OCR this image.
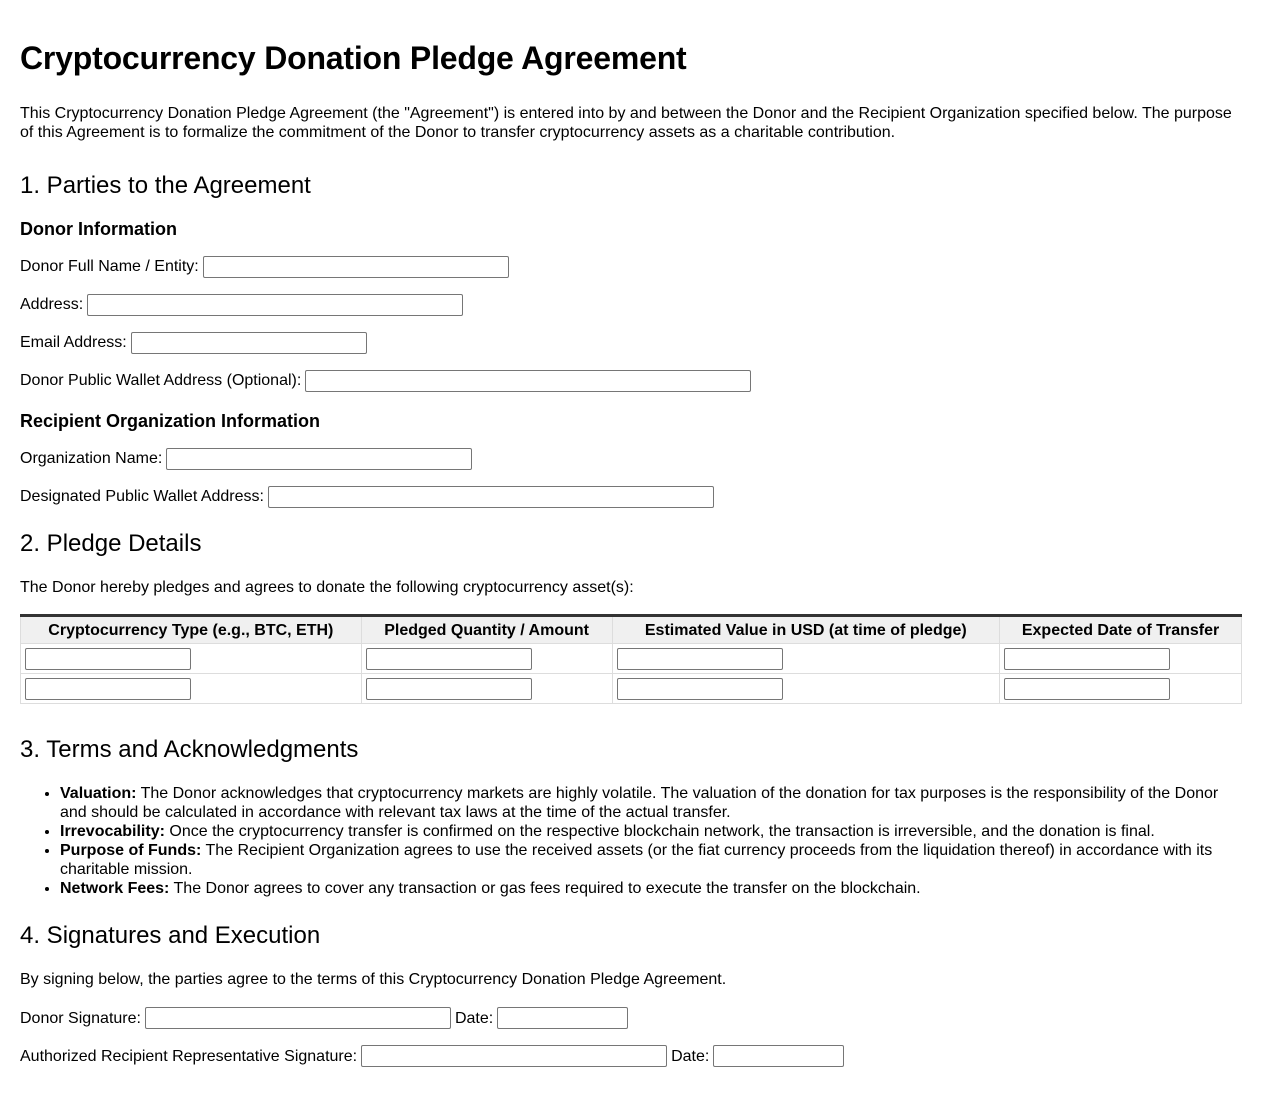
Cryptocurrency Donation Pledge Agreement

This Cryptocurrency Donation Pledge Agreement (the "Agreement") is entered into by and between the Donor and the Recipient Organization specified below. The purpose of this Agreement is to formalize the commitment of the Donor to transfer cryptocurrency assets as a charitable contribution.

1. Parties to the Agreement
Donor Information
Donor Full Name / Entity:
Address:
Email Address:
Donor Public Wallet Address (Optional):
Recipient Organization Information
Organization Name:
Designated Public Wallet Address:
2. Pledge Details

The Donor hereby pledges and agrees to donate the following cryptocurrency asset(s):

Cryptocurrency Type (e.g., BTC, ETH)	Pledged Quantity / Amount	Estimated Value in USD (at time of pledge)	Expected Date of Transfer

3. Terms and Acknowledgments
• Valuation: The Donor acknowledges that cryptocurrency markets are highly volatile. The valuation of the donation for tax purposes is the responsibility of the Donor and should be calculated in accordance with relevant tax laws at the time of the actual transfer.
• Irrevocability: Once the cryptocurrency transfer is confirmed on the respective blockchain network, the transaction is irreversible, and the donation is final.
• Purpose of Funds: The Recipient Organization agrees to use the received assets (or the fiat currency proceeds from the liquidation thereof) in accordance with its charitable mission.
• Network Fees: The Donor agrees to cover any transaction or gas fees required to execute the transfer on the blockchain.
4. Signatures and Execution

By signing below, the parties agree to the terms of this Cryptocurrency Donation Pledge Agreement.

Donor Signature:	Date:
Authorized Recipient Representative Signature:	Date:
